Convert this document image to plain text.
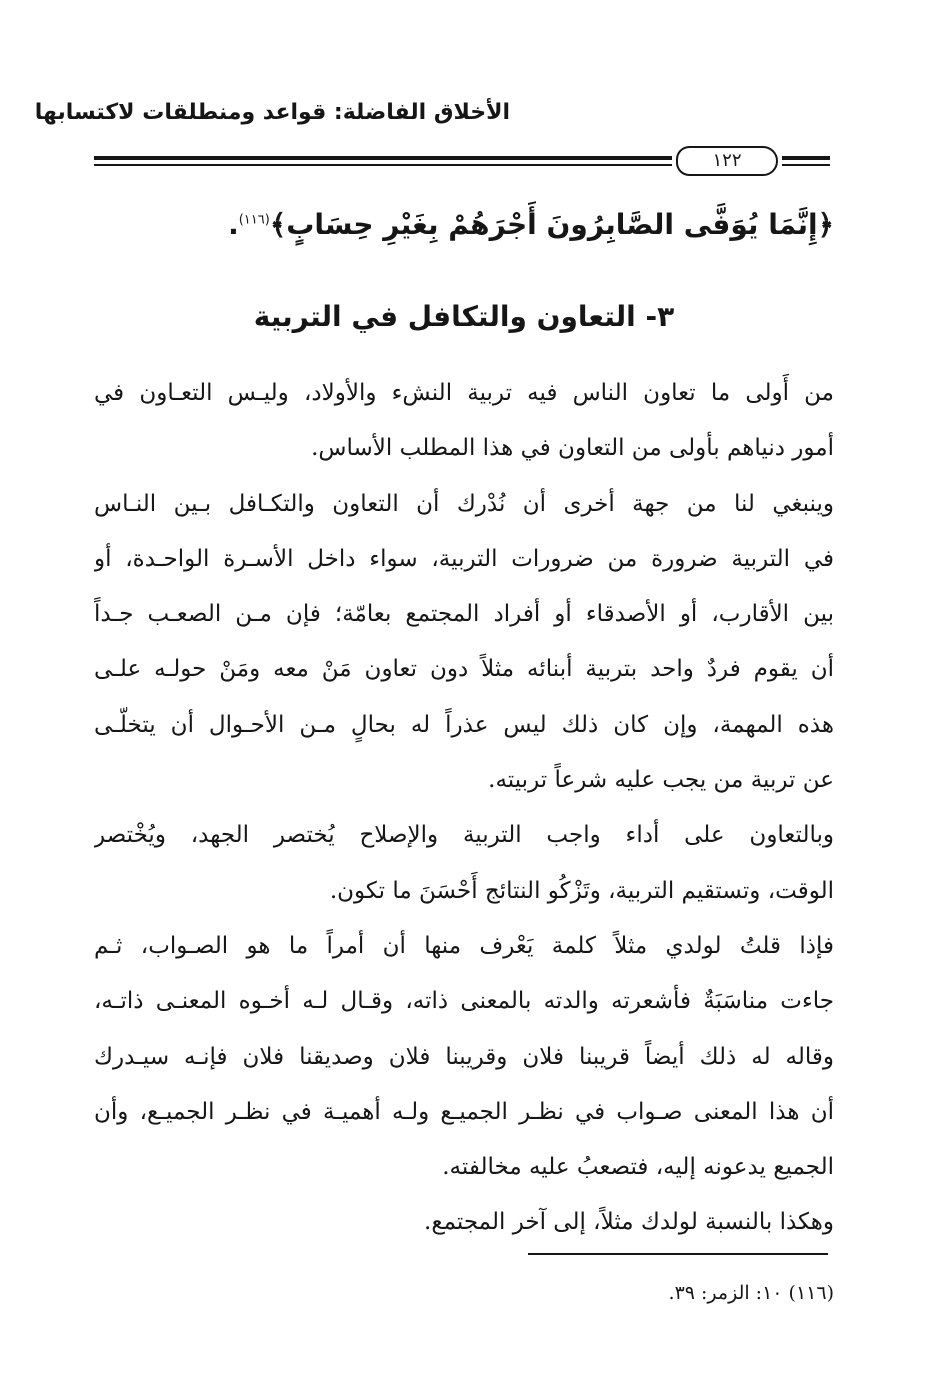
الأخلاق الفاضلة: قواعد ومنطلقات لاكتسابها
١٢٢
﴿إِنَّمَا يُوَفَّى الصَّابِرُونَ أَجْرَهُمْ بِغَيْرِ حِسَابٍ﴾$^{(١١٦)}$.
٣- التعاون والتكافل في التربية
من أَولى ما تعاون الناس فيه تربية النشء والأولاد، وليـس التعـاون في
أمور دنياهم بأولى من التعاون في هذا المطلب الأساس.
وينبغي لنا من جهة أخرى أن نُدْرك أن التعاون والتكـافل بـين النـاس
في التربية ضرورة من ضرورات التربية، سواء داخل الأسـرة الواحـدة، أو
بين الأقارب، أو الأصدقاء أو أفراد المجتمع بعامّة؛ فإن مـن الصعـب جـداً
أن يقوم فردٌ واحد بتربية أبنائه مثلاً دون تعاون مَنْ معه ومَنْ حولـه علـى
هذه المهمة، وإن كان ذلك ليس عذراً له بحالٍ مـن الأحـوال أن يتخلّـى
عن تربية من يجب عليه شرعاً تربيته.
وبالتعاون على أداء واجب التربية والإصلاح يُختصر الجهد، ويُخْتصر
الوقت، وتستقيم التربية، وتَزْكُو النتائج أَحْسَنَ ما تكون.
فإذا قلتُ لولدي مثلاً كلمة يَعْرف منها أن أمراً ما هو الصـواب، ثـم
جاءت مناسَبَةٌ فأشعرته والدته بالمعنى ذاته، وقـال لـه أخـوه المعنـى ذاتـه،
وقاله له ذلك أيضاً قريبنا فلان وقريبنا فلان وصديقنا فلان فإنـه سيـدرك
أن هذا المعنى صـواب في نظـر الجميـع ولـه أهميـة في نظـر الجميـع، وأن
الجميع يدعونه إليه، فتصعبُ عليه مخالفته.
وهكذا بالنسبة لولدك مثلاً، إلى آخر المجتمع.
(١١٦) ١٠: الزمر: ٣٩.
